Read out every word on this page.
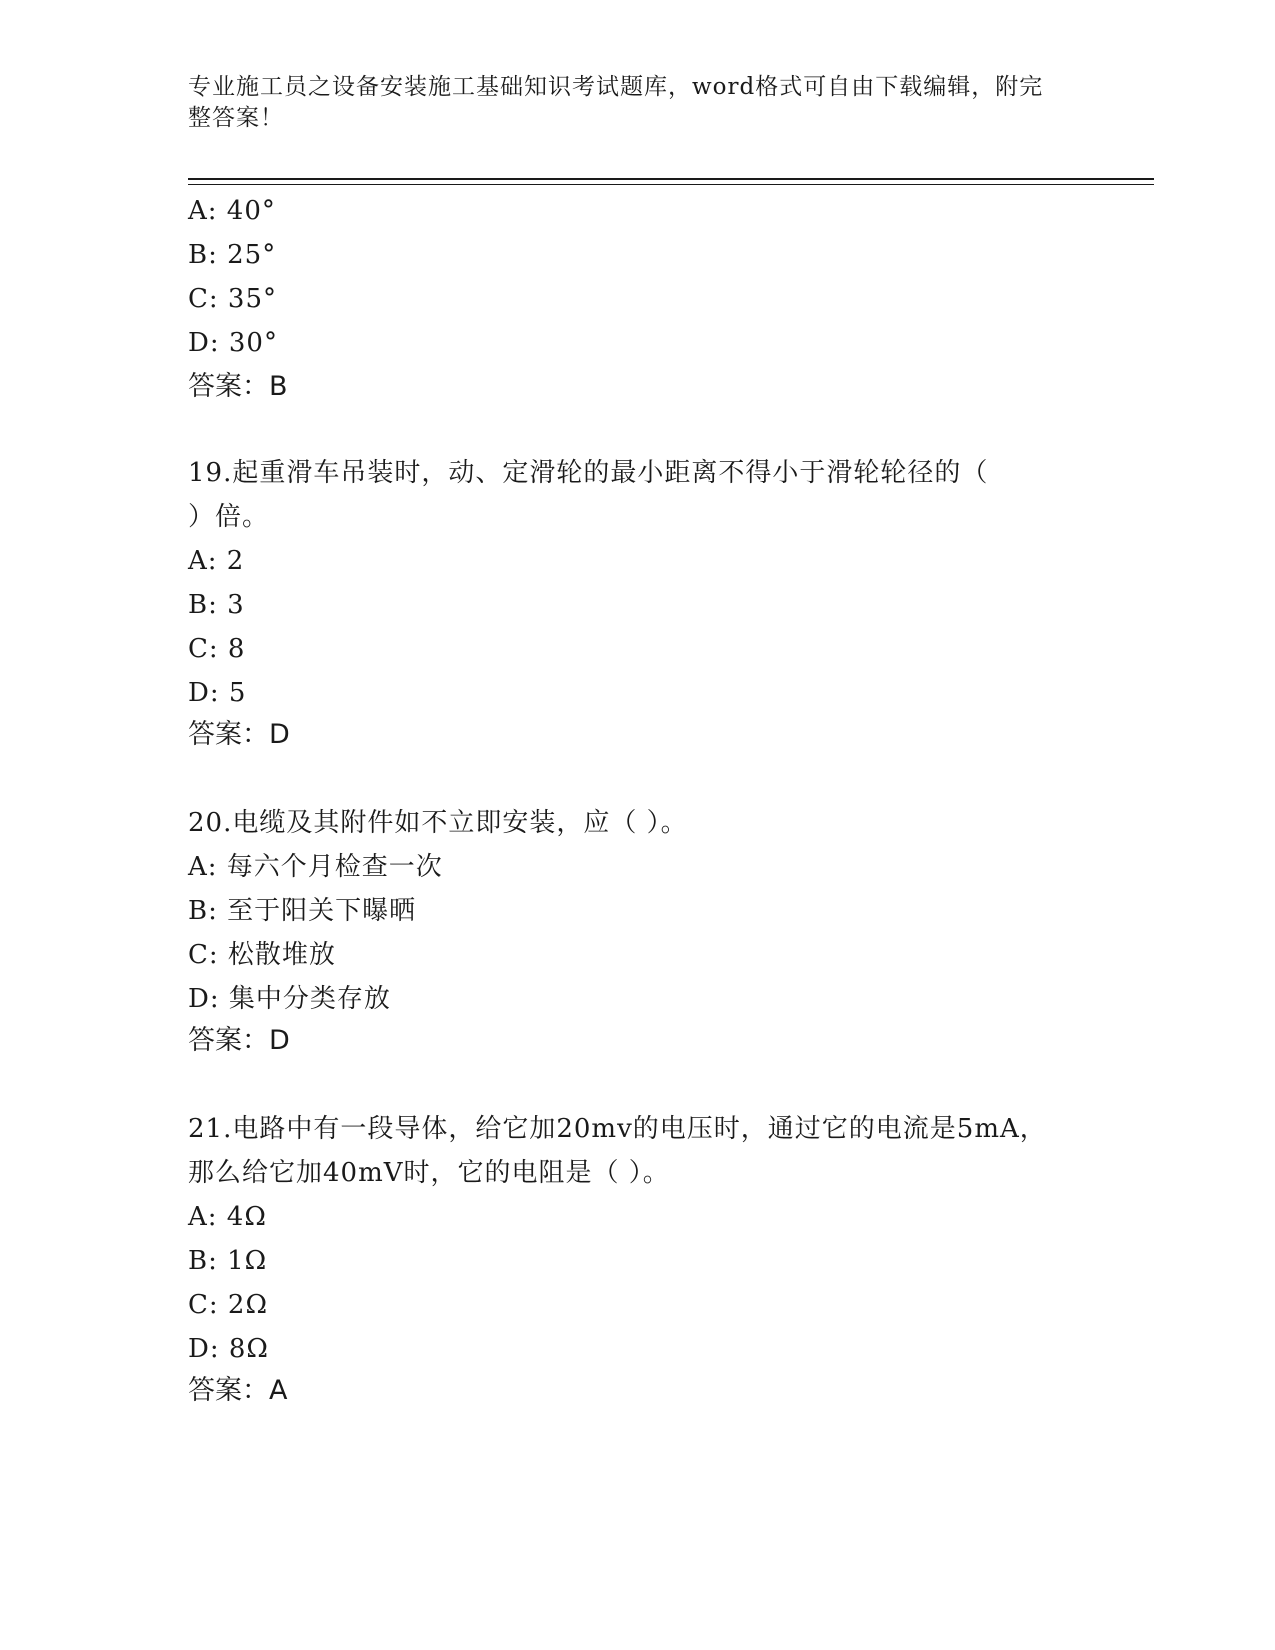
专业施工员之设备安装施工基础知识考试题库，word格式可自由下载编辑，附完
整答案！
A: 40°
B: 25°
C: 35°
D: 30°
答案：B
19.起重滑车吊装时，动、定滑轮的最小距离不得小于滑轮轮径的（
）倍。
A: 2
B: 3
C: 8
D: 5
答案：D
20.电缆及其附件如不立即安装，应（ ）。
A: 每六个月检查一次
B: 至于阳关下曝晒
C: 松散堆放
D: 集中分类存放
答案：D
21.电路中有一段导体，给它加20mv的电压时，通过它的电流是5mA，
那么给它加40mV时，它的电阻是（ ）。
A: 4Ω
B: 1Ω
C: 2Ω
D: 8Ω
答案：A
